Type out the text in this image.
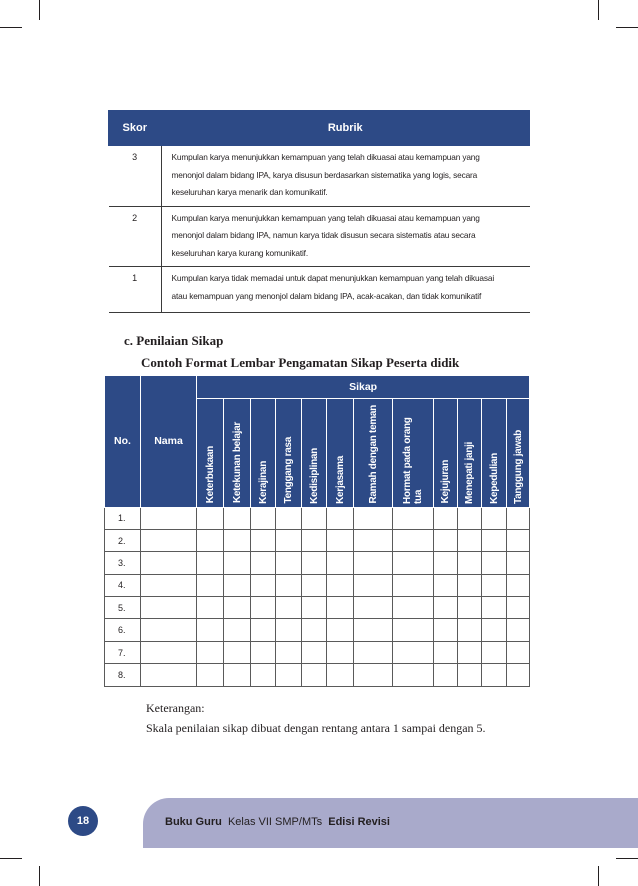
Skor	Rubrik
3	Kumpulan karya menunjukkan kemampuan yang telah dikuasai atau kemampuan yang
menonjol dalam bidang IPA, karya disusun berdasarkan sistematika yang logis, secara
keseluruhan karya menarik dan komunikatif.

2	Kumpulan karya menunjukkan kemampuan yang telah dikuasai atau kemampuan yang
menonjol dalam bidang IPA, namun karya tidak disusun secara sistematis atau secara
keseluruhan karya kurang komunikatif.

1	Kumpulan karya tidak memadai untuk dapat menunjukkan kemampuan yang telah dikuasai
atau kemampuan yang menonjol dalam bidang IPA, acak-acakan, dan tidak komunikatif
c. Penilaian Sikap
Contoh Format Lembar Pengamatan Sikap Peserta didik
No.	Nama	Sikap											
		Keterbukaan	Ketekunan belajar	Kerajinan	Tenggang rasa	Kedisiplinan	Kerjasama	Ramah dengan teman	Hormat pada orang tua	Kejujuran	Menepati janji	Kepedulian	Tanggung jawab
1.													
2.													
3.													
4.													
5.													
6.													
7.													
8.													
Keterangan:
Skala penilaian sikap dibuat dengan rentang antara 1 sampai dengan 5.
18	Buku Guru Kelas VII SMP/MTs Edisi Revisi
